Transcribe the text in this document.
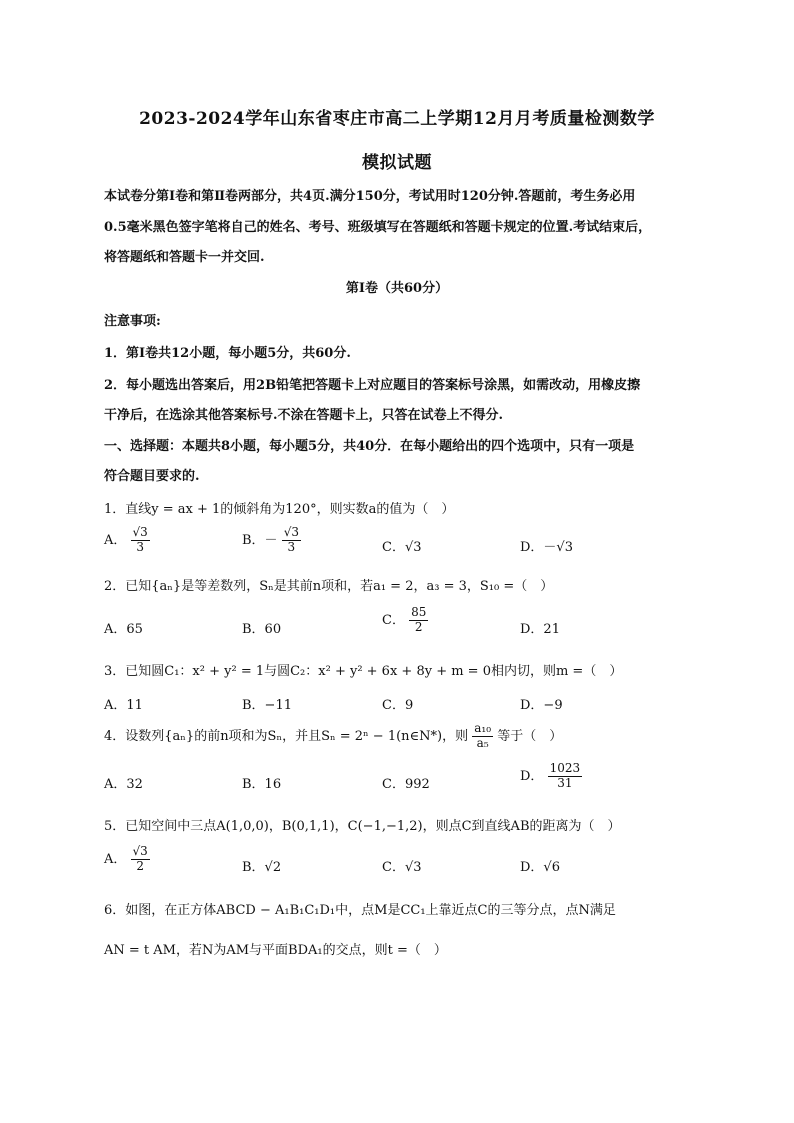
2023-2024学年山东省枣庄市高二上学期12月月考质量检测数学
模拟试题
本试卷分第Ⅰ卷和第Ⅱ卷两部分，共4页.满分150分，考试用时120分钟.答题前，考生务必用
0.5毫米黑色签字笔将自己的姓名、考号、班级填写在答题纸和答题卡规定的位置.考试结束后，
将答题纸和答题卡一并交回.
第Ⅰ卷（共60分）
注意事项:
1．第Ⅰ卷共12小题，每小题5分，共60分.
2．每小题选出答案后，用2B铅笔把答题卡上对应题目的答案标号涂黑，如需改动，用橡皮擦
干净后，在选涂其他答案标号.不涂在答题卡上，只答在试卷上不得分.
一、选择题：本题共8小题，每小题5分，共40分．在每小题给出的四个选项中，只有一项是
符合题目要求的.
1．直线y = ax + 1的倾斜角为120°，则实数a的值为（　）
A． $\frac{√3}{3}$	B．－ $\frac{√3}{3}$	C．√3	D．－√3
2．已知{aₙ}是等差数列，Sₙ是其前n项和，若a₁ = 2，a₃ = 3，S₁₀ =（　）
A．65	B．60
C． $\frac{85}{2}$	D．21
3．已知圆C₁：x² + y² = 1与圆C₂：x² + y² + 6x + 8y + m = 0相内切，则m =（　）
A．11	B．−11	C．9	D．−9
4．设数列{aₙ}的前n项和为Sₙ，并且Sₙ = 2ⁿ − 1(n∈N*)，则 $\frac{\text{a₁₀}}{\text{a₅}}$ 等于（　）
A．32	B．16	C．992
D． $\frac{1023}{31}$
5．已知空间中三点A(1,0,0)，B(0,1,1)，C(−1,−1,2)，则点C到直线AB的距离为（　）
A． $\frac{√3}{2}$	B．√2	C．√3	D．√6
6．如图，在正方体ABCD − A₁B₁C₁D₁中，点M是CC₁上靠近点C的三等分点，点N满足
AN = t AM，若N为AM与平面BDA₁的交点，则t =（　）
